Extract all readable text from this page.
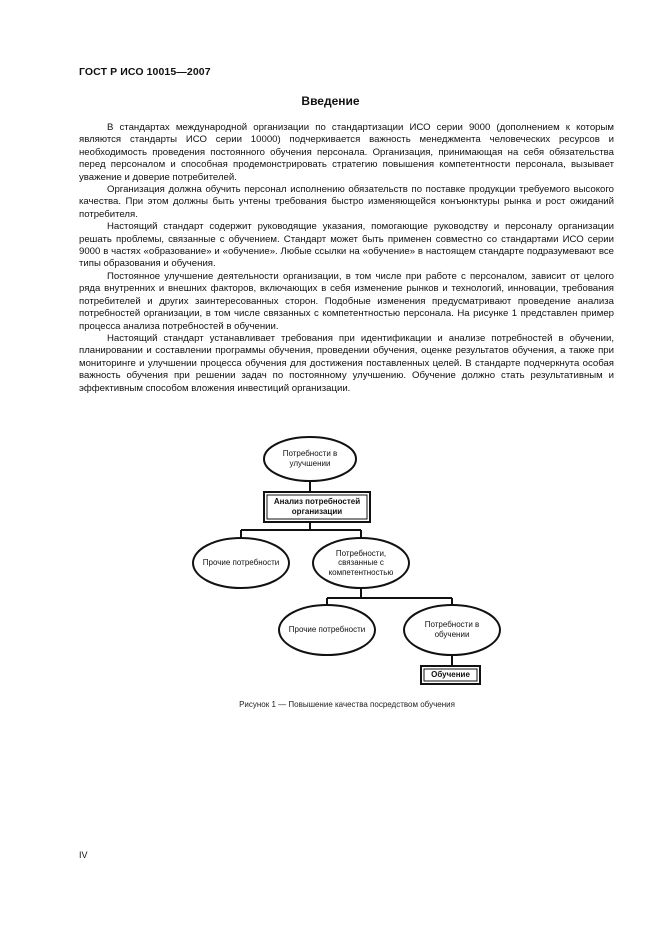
ГОСТ Р ИСО 10015—2007
Введение

В стандартах международной организации по стандартизации ИСО серии 9000 (дополнением к которым являются стандарты ИСО серии 10000) подчеркивается важность менеджмента человеческих ресурсов и необходимость проведения постоянного обучения персонала. Организация, принимающая на себя обязательства перед персоналом и способная продемонстрировать стратегию повышения компетентности персонала, вызывает уважение и доверие потребителей.

Организация должна обучить персонал исполнению обязательств по поставке продукции требуемого высокого качества. При этом должны быть учтены требования быстро изменяющейся конъюнктуры рынка и рост ожиданий потребителя.

Настоящий стандарт содержит руководящие указания, помогающие руководству и персоналу организации решать проблемы, связанные с обучением. Стандарт может быть применен совместно со стандартами ИСО серии 9000 в частях «образование» и «обучение». Любые ссылки на «обучение» в настоящем стандарте подразумевают все типы образования и обучения.

Постоянное улучшение деятельности организации, в том числе при работе с персоналом, зависит от целого ряда внутренних и внешних факторов, включающих в себя изменение рынков и технологий, инновации, требования потребителей и других заинтересованных сторон. Подобные изменения предусматривают проведение анализа потребностей организации, в том числе связанных с компетентностью персонала. На рисунке 1 представлен пример процесса анализа потребностей в обучении.

Настоящий стандарт устанавливает требования при идентификации и анализе потребностей в обучении, планировании и составлении программы обучения, проведении обучения, оценке результатов обучения, а также при мониторинге и улучшении процесса обучения для достижения поставленных целей. В стандарте подчеркнута особая важность обучения при решении задач по постоянному улучшению. Обучение должно стать результативным и эффективным способом вложения инвестиций организации.

Потребности в улучшении
Анализ потребностей организации
Прочие потребности
Потребности, связанные с компетентностью
Прочие потребности
Потребности в обучении
Обучение
Рисунок 1 — Повышение качества посредством обучения
IV
